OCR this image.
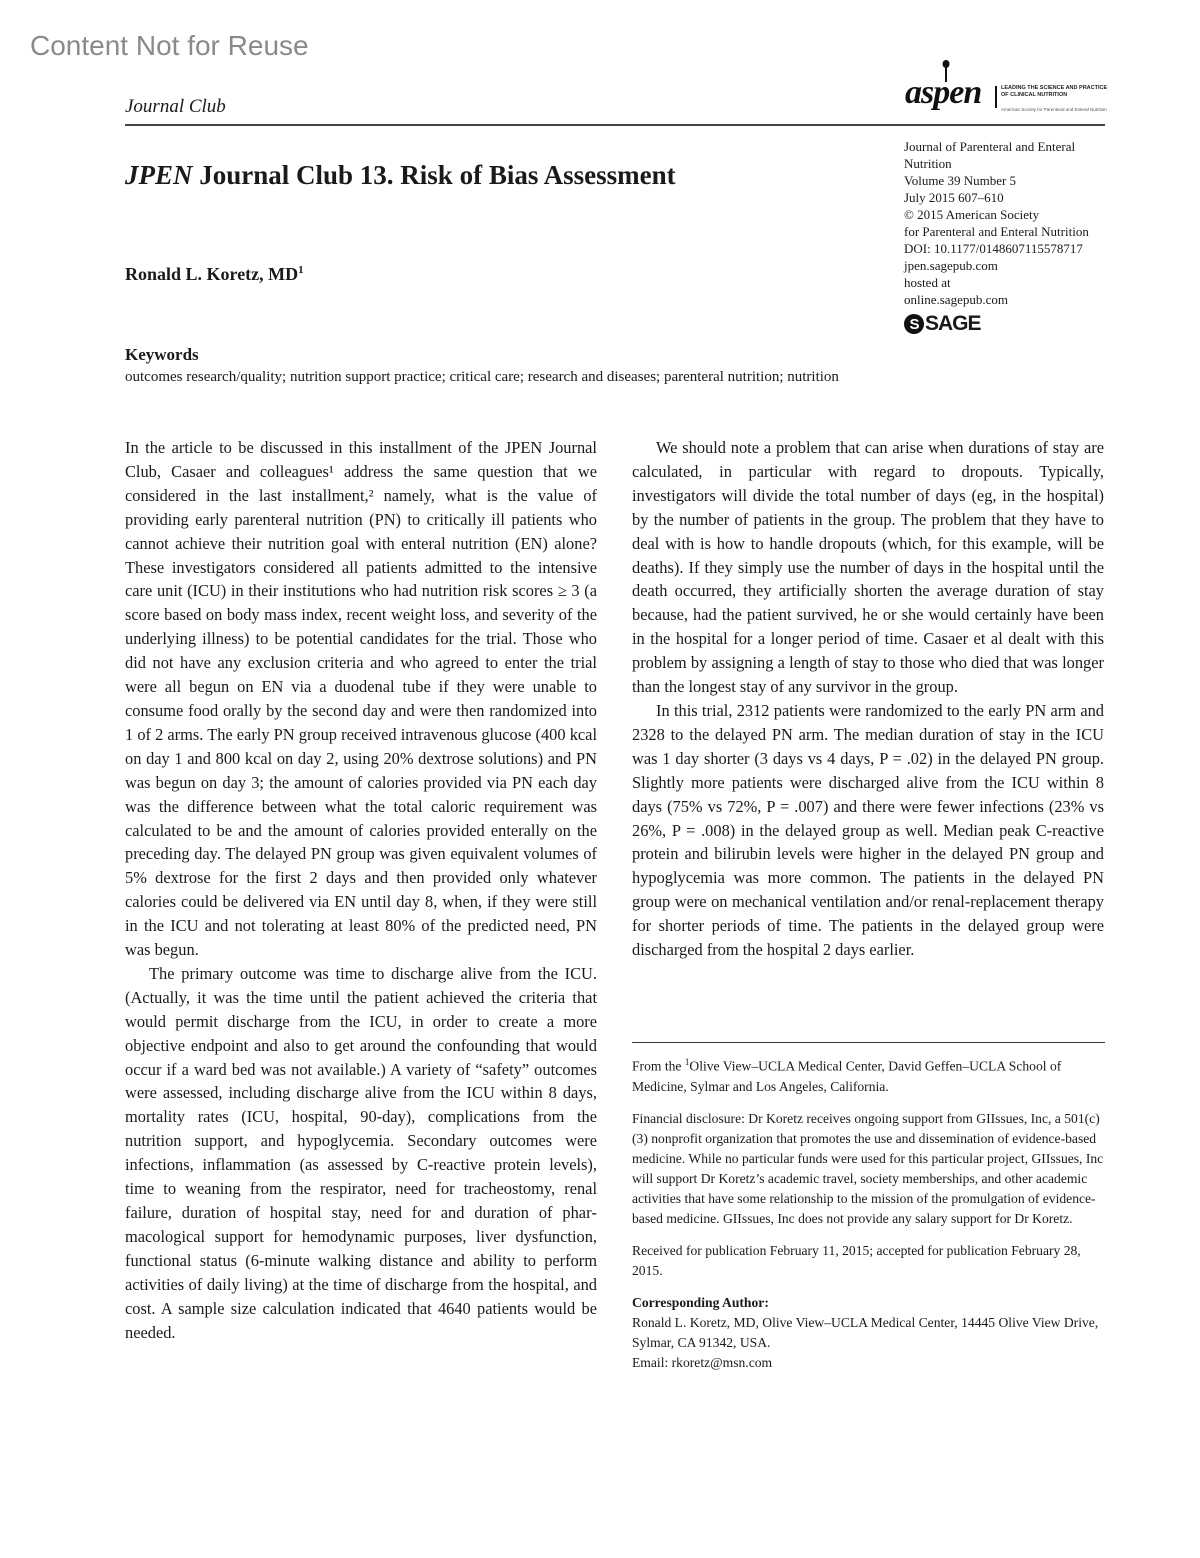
Content Not for Reuse
Journal Club	aspen	LEADING THE SCIENCE AND PRACTICE OF CLINICAL NUTRITION
American Society for Parenteral and Enteral Nutrition
JPEN Journal Club 13. Risk of Bias Assessment
Ronald L. Koretz, $MD^1$
Journal of Parenteral and Enteral
Nutrition
Volume 39 Number 5
July 2015 607–610
© 2015 American Society
for Parenteral and Enteral Nutrition
DOI: 10.1177/0148607115578717
jpen.sagepub.com
hosted at
online.sagepub.com
S SAGE
Keywords
outcomes research/quality; nutrition support practice; critical care; research and diseases; parenteral nutrition; nutrition

In the article to be discussed in this installment of the JPEN Journal Club, Casaer and colleagues¹ address the same question that we considered in the last installment,² namely, what is the value of providing early parenteral nutrition (PN) to critically ill patients who cannot achieve their nutrition goal with enteral nutrition (EN) alone? These investigators considered all patients admitted to the intensive care unit (ICU) in their institutions who had nutrition risk scores ≥ 3 (a score based on body mass index, recent weight loss, and severity of the underlying illness) to be potential candidates for the trial. Those who did not have any exclusion criteria and who agreed to enter the trial were all begun on EN via a duodenal tube if they were unable to consume food orally by the second day and were then randomized into 1 of 2 arms. The early PN group received intravenous glucose (400 kcal on day 1 and 800 kcal on day 2, using 20% dextrose solutions) and PN was begun on day 3; the amount of calories provided via PN each day was the difference between what the total caloric requirement was calculated to be and the amount of calories provided enterally on the preceding day. The delayed PN group was given equivalent volumes of 5% dextrose for the first 2 days and then provided only whatever calories could be delivered via EN until day 8, when, if they were still in the ICU and not tolerating at least 80% of the predicted need, PN was begun.

The primary outcome was time to discharge alive from the ICU. (Actually, it was the time until the patient achieved the criteria that would permit discharge from the ICU, in order to create a more objective endpoint and also to get around the confounding that would occur if a ward bed was not available.) A variety of “safety” outcomes were assessed, including discharge alive from the ICU within 8 days, mortality rates (ICU, hospital, 90-day), complications from the nutrition support, and hypoglycemia. Secondary outcomes were infections, inflammation (as assessed by C-reactive protein levels), time to weaning from the respirator, need for tracheostomy, renal failure, duration of hospital stay, need for and duration of pharmacological support for hemodynamic purposes, liver dysfunction, functional status (6-minute walking distance and ability to perform activities of daily living) at the time of discharge from the hospital, and cost. A sample size calculation indicated that 4640 patients would be needed.

We should note a problem that can arise when durations of stay are calculated, in particular with regard to dropouts. Typically, investigators will divide the total number of days (eg, in the hospital) by the number of patients in the group. The problem that they have to deal with is how to handle dropouts (which, for this example, will be deaths). If they simply use the number of days in the hospital until the death occurred, they artificially shorten the average duration of stay because, had the patient survived, he or she would certainly have been in the hospital for a longer period of time. Casaer et al dealt with this problem by assigning a length of stay to those who died that was longer than the longest stay of any survivor in the group.

In this trial, 2312 patients were randomized to the early PN arm and 2328 to the delayed PN arm. The median duration of stay in the ICU was 1 day shorter (3 days vs 4 days, P = .02) in the delayed PN group. Slightly more patients were discharged alive from the ICU within 8 days (75% vs 72%, P = .007) and there were fewer infections (23% vs 26%, P = .008) in the delayed group as well. Median peak C-reactive protein and bilirubin levels were higher in the delayed PN group and hypoglycemia was more common. The patients in the delayed PN group were on mechanical ventilation and/or renal-replacement therapy for shorter periods of time. The patients in the delayed group were discharged from the hospital 2 days earlier.

From the $^1$Olive View–UCLA Medical Center, David Geffen–UCLA School of Medicine, Sylmar and Los Angeles, California.

Financial disclosure: Dr Koretz receives ongoing support from GIIssues, Inc, a 501(c)(3) nonprofit organization that promotes the use and dissemination of evidence-based medicine. While no particular funds were used for this particular project, GIIssues, Inc will support Dr Koretz’s academic travel, society memberships, and other academic activities that have some relationship to the mission of the promulgation of evidence-based medicine. GIIssues, Inc does not provide any salary support for Dr Koretz.

Received for publication February 11, 2015; accepted for publication February 28, 2015.

Corresponding Author:
Ronald L. Koretz, MD, Olive View–UCLA Medical Center, 14445 Olive View Drive, Sylmar, CA 91342, USA.
Email: rkoretz@msn.com
